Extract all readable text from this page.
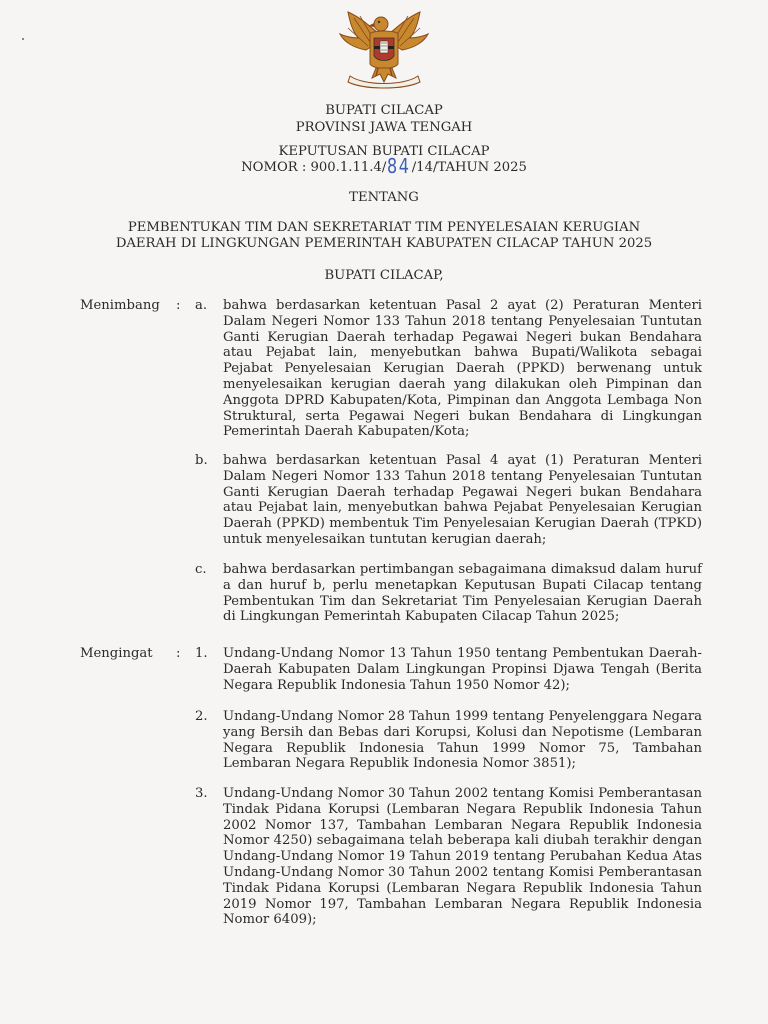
BUPATI CILACAP
PROVINSI JAWA TENGAH
KEPUTUSAN BUPATI CILACAP
NOMOR : 900.1.11.4/84/14/TAHUN 2025
TENTANG
PEMBENTUKAN TIM DAN SEKRETARIAT TIM PENYELESAIAN KERUGIAN
DAERAH DI LINGKUNGAN PEMERINTAH KABUPATEN CILACAP TAHUN 2025
BUPATI CILACAP,
Menimbang : a. bahwa berdasarkan ketentuan Pasal 2 ayat (2) Peraturan Menteri Dalam Negeri Nomor 133 Tahun 2018 tentang Penyelesaian Tuntutan Ganti Kerugian Daerah terhadap Pegawai Negeri bukan Bendahara atau Pejabat lain, menyebutkan bahwa Bupati/Walikota sebagai Pejabat Penyelesaian Kerugian Daerah (PPKD) berwenang untuk menyelesaikan kerugian daerah yang dilakukan oleh Pimpinan dan Anggota DPRD Kabupaten/Kota, Pimpinan dan Anggota Lembaga Non Struktural, serta Pegawai Negeri bukan Bendahara di Lingkungan Pemerintah Daerah Kabupaten/Kota;
b. bahwa berdasarkan ketentuan Pasal 4 ayat (1) Peraturan Menteri Dalam Negeri Nomor 133 Tahun 2018 tentang Penyelesaian Tuntutan Ganti Kerugian Daerah terhadap Pegawai Negeri bukan Bendahara atau Pejabat lain, menyebutkan bahwa Pejabat Penyelesaian Kerugian Daerah (PPKD) membentuk Tim Penyelesaian Kerugian Daerah (TPKD) untuk menyelesaikan tuntutan kerugian daerah;
c. bahwa berdasarkan pertimbangan sebagaimana dimaksud dalam huruf a dan huruf b, perlu menetapkan Keputusan Bupati Cilacap tentang Pembentukan Tim dan Sekretariat Tim Penyelesaian Kerugian Daerah di Lingkungan Pemerintah Kabupaten Cilacap Tahun 2025;
Mengingat : 1. Undang-Undang Nomor 13 Tahun 1950 tentang Pembentukan Daerah-Daerah Kabupaten Dalam Lingkungan Propinsi Djawa Tengah (Berita Negara Republik Indonesia Tahun 1950 Nomor 42);
2. Undang-Undang Nomor 28 Tahun 1999 tentang Penyelenggara Negara yang Bersih dan Bebas dari Korupsi, Kolusi dan Nepotisme (Lembaran Negara Republik Indonesia Tahun 1999 Nomor 75, Tambahan Lembaran Negara Republik Indonesia Nomor 3851);
3. Undang-Undang Nomor 30 Tahun 2002 tentang Komisi Pemberantasan Tindak Pidana Korupsi (Lembaran Negara Republik Indonesia Tahun 2002 Nomor 137, Tambahan Lembaran Negara Republik Indonesia Nomor 4250) sebagaimana telah beberapa kali diubah terakhir dengan Undang-Undang Nomor 19 Tahun 2019 tentang Perubahan Kedua Atas Undang-Undang Nomor 30 Tahun 2002 tentang Komisi Pemberantasan Tindak Pidana Korupsi (Lembaran Negara Republik Indonesia Tahun 2019 Nomor 197, Tambahan Lembaran Negara Republik Indonesia Nomor 6409);
